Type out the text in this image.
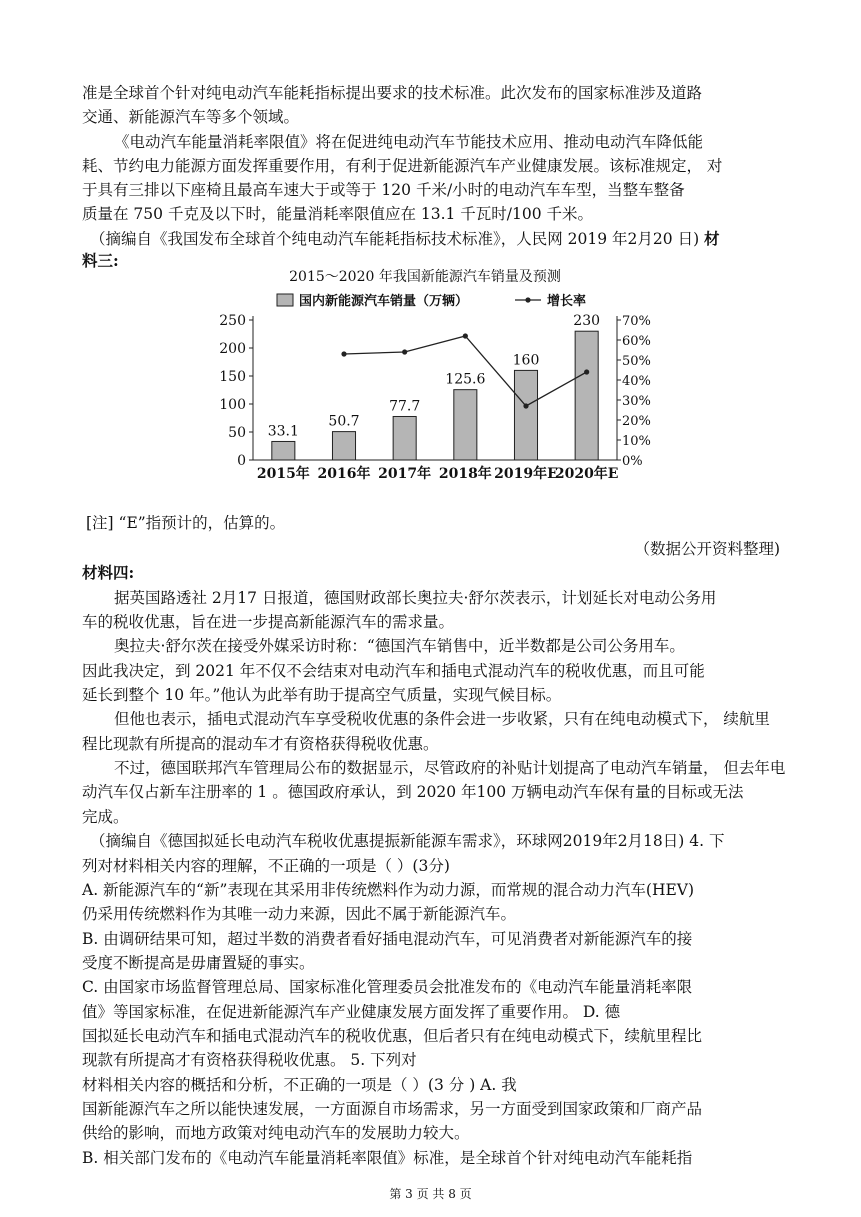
准是全球首个针对纯电动汽车能耗指标提出要求的技术标准。此次发布的国家标准涉及道路
交通、新能源汽车等多个领域。
《电动汽车能量消耗率限值》将在促进纯电动汽车节能技术应用、推动电动汽车降低能
耗、节约电力能源方面发挥重要作用，有利于促进新能源汽车产业健康发展。该标准规定， 对
于具有三排以下座椅且最高车速大于或等于 120 千米/小时的电动汽车车型，当整车整备
质量在 750 千克及以下时，能量消耗率限值应在 13.1 千瓦时/100 千米。
（摘编自《我国发布全球首个纯电动汽车能耗指标技术标准》，人民网 2019 年2月20 日) 材
料三:
2015～2020 年我国新能源汽车销量及预测
国内新能源汽车销量（万辆）	增长率
0
50
100
150
200
250
0%
10%
20%
30%
40%
50%
60%
70%
33.1
50.7
77.7
125.6
160
230
2015年 2016年 2017年 2018年 2019年E
2020年E
[注] “E”指预计的，估算的。
（数据公开资料整理)
材料四:
据英国路透社 2月17 日报道，德国财政部长奥拉夫·舒尔茨表示，计划延长对电动公务用
车的税收优惠，旨在进一步提高新能源汽车的需求量。
奥拉夫·舒尔茨在接受外媒采访时称：“德国汽车销售中，近半数都是公司公务用车。
因此我决定，到 2021 年不仅不会结束对电动汽车和插电式混动汽车的税收优惠，而且可能
延长到整个 10 年。”他认为此举有助于提高空气质量，实现气候目标。
但他也表示，插电式混动汽车享受税收优惠的条件会进一步收紧，只有在纯电动模式下， 续航里
程比现款有所提高的混动车才有资格获得税收优惠。
不过，德国联邦汽车管理局公布的数据显示，尽管政府的补贴计划提高了电动汽车销量， 但去年电
动汽车仅占新车注册率的 1 。德国政府承认，到 2020 年100 万辆电动汽车保有量的目标或无法
完成。
（摘编自《德国拟延长电动汽车税收优惠提振新能源车需求》，环球网2019年2月18日) 4. 下
列对材料相关内容的理解，不正确的一项是（ ）(3分)
A. 新能源汽车的“新”表现在其采用非传统燃料作为动力源，而常规的混合动力汽车(HEV)
仍采用传统燃料作为其唯一动力来源，因此不属于新能源汽车。
B. 由调研结果可知，超过半数的消费者看好插电混动汽车，可见消费者对新能源汽车的接
受度不断提高是毋庸置疑的事实。
C. 由国家市场监督管理总局、国家标准化管理委员会批准发布的《电动汽车能量消耗率限
值》等国家标准，在促进新能源汽车产业健康发展方面发挥了重要作用。 D. 德
国拟延长电动汽车和插电式混动汽车的税收优惠，但后者只有在纯电动模式下，续航里程比
现款有所提高才有资格获得税收优惠。 5. 下列对
材料相关内容的概括和分析，不正确的一项是（ ）(3 分 ) A. 我
国新能源汽车之所以能快速发展，一方面源自市场需求，另一方面受到国家政策和厂商产品
供给的影响，而地方政策对纯电动汽车的发展助力较大。
B. 相关部门发布的《电动汽车能量消耗率限值》标准，是全球首个针对纯电动汽车能耗指
第 3 页 共 8 页
